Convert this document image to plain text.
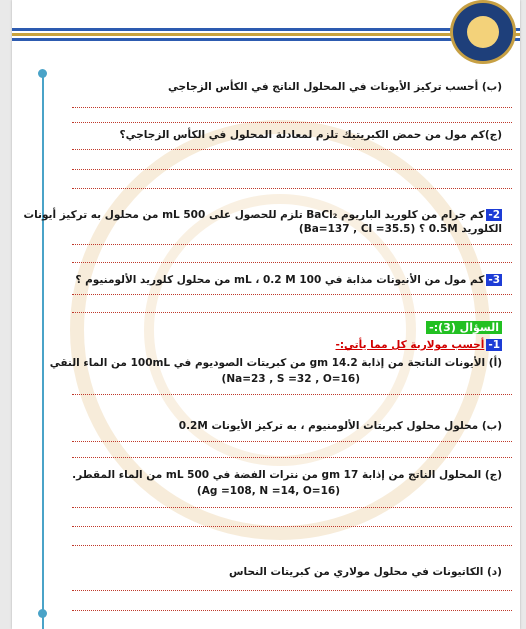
(ب) أحسب تركيز الأيونات في المحلول الناتج في الكأس الزجاجي
(ج)كم مول من حمض الكبريتيك تلزم لمعادلة المحلول في الكأس الزجاجي؟
2-كم جرام من كلوريد الباريوم BaCl₂ تلزم للحصول على 500 mL من محلول به تركيز أيونات
الكلوريد 0.5M ؟ (Ba=137 , Cl =35.5)
3-كم مول من الأنيونات مذابة في 100 mL ، 0.2 M من محلول كلوريد الألومنيوم ؟
السؤال (3):-
1-أحسب مولارية كل مما يأتي:-
(أ) الأيونات الناتجة من إذابة 14.2 gm من كبريتات الصوديوم في 100mL من الماء النقي
(Na=23 , S =32 , O=16)
(ب) محلول محلول كبريتات الألومنيوم ، به تركيز الأيونات 0.2M
(ج) المحلول الناتج من إذابة 17 gm من نترات الفضة في 500 mL من الماء المقطر.
(Ag =108, N =14, O=16)
(د) الكاتيونات في محلول مولاري من كبريتات النحاس
